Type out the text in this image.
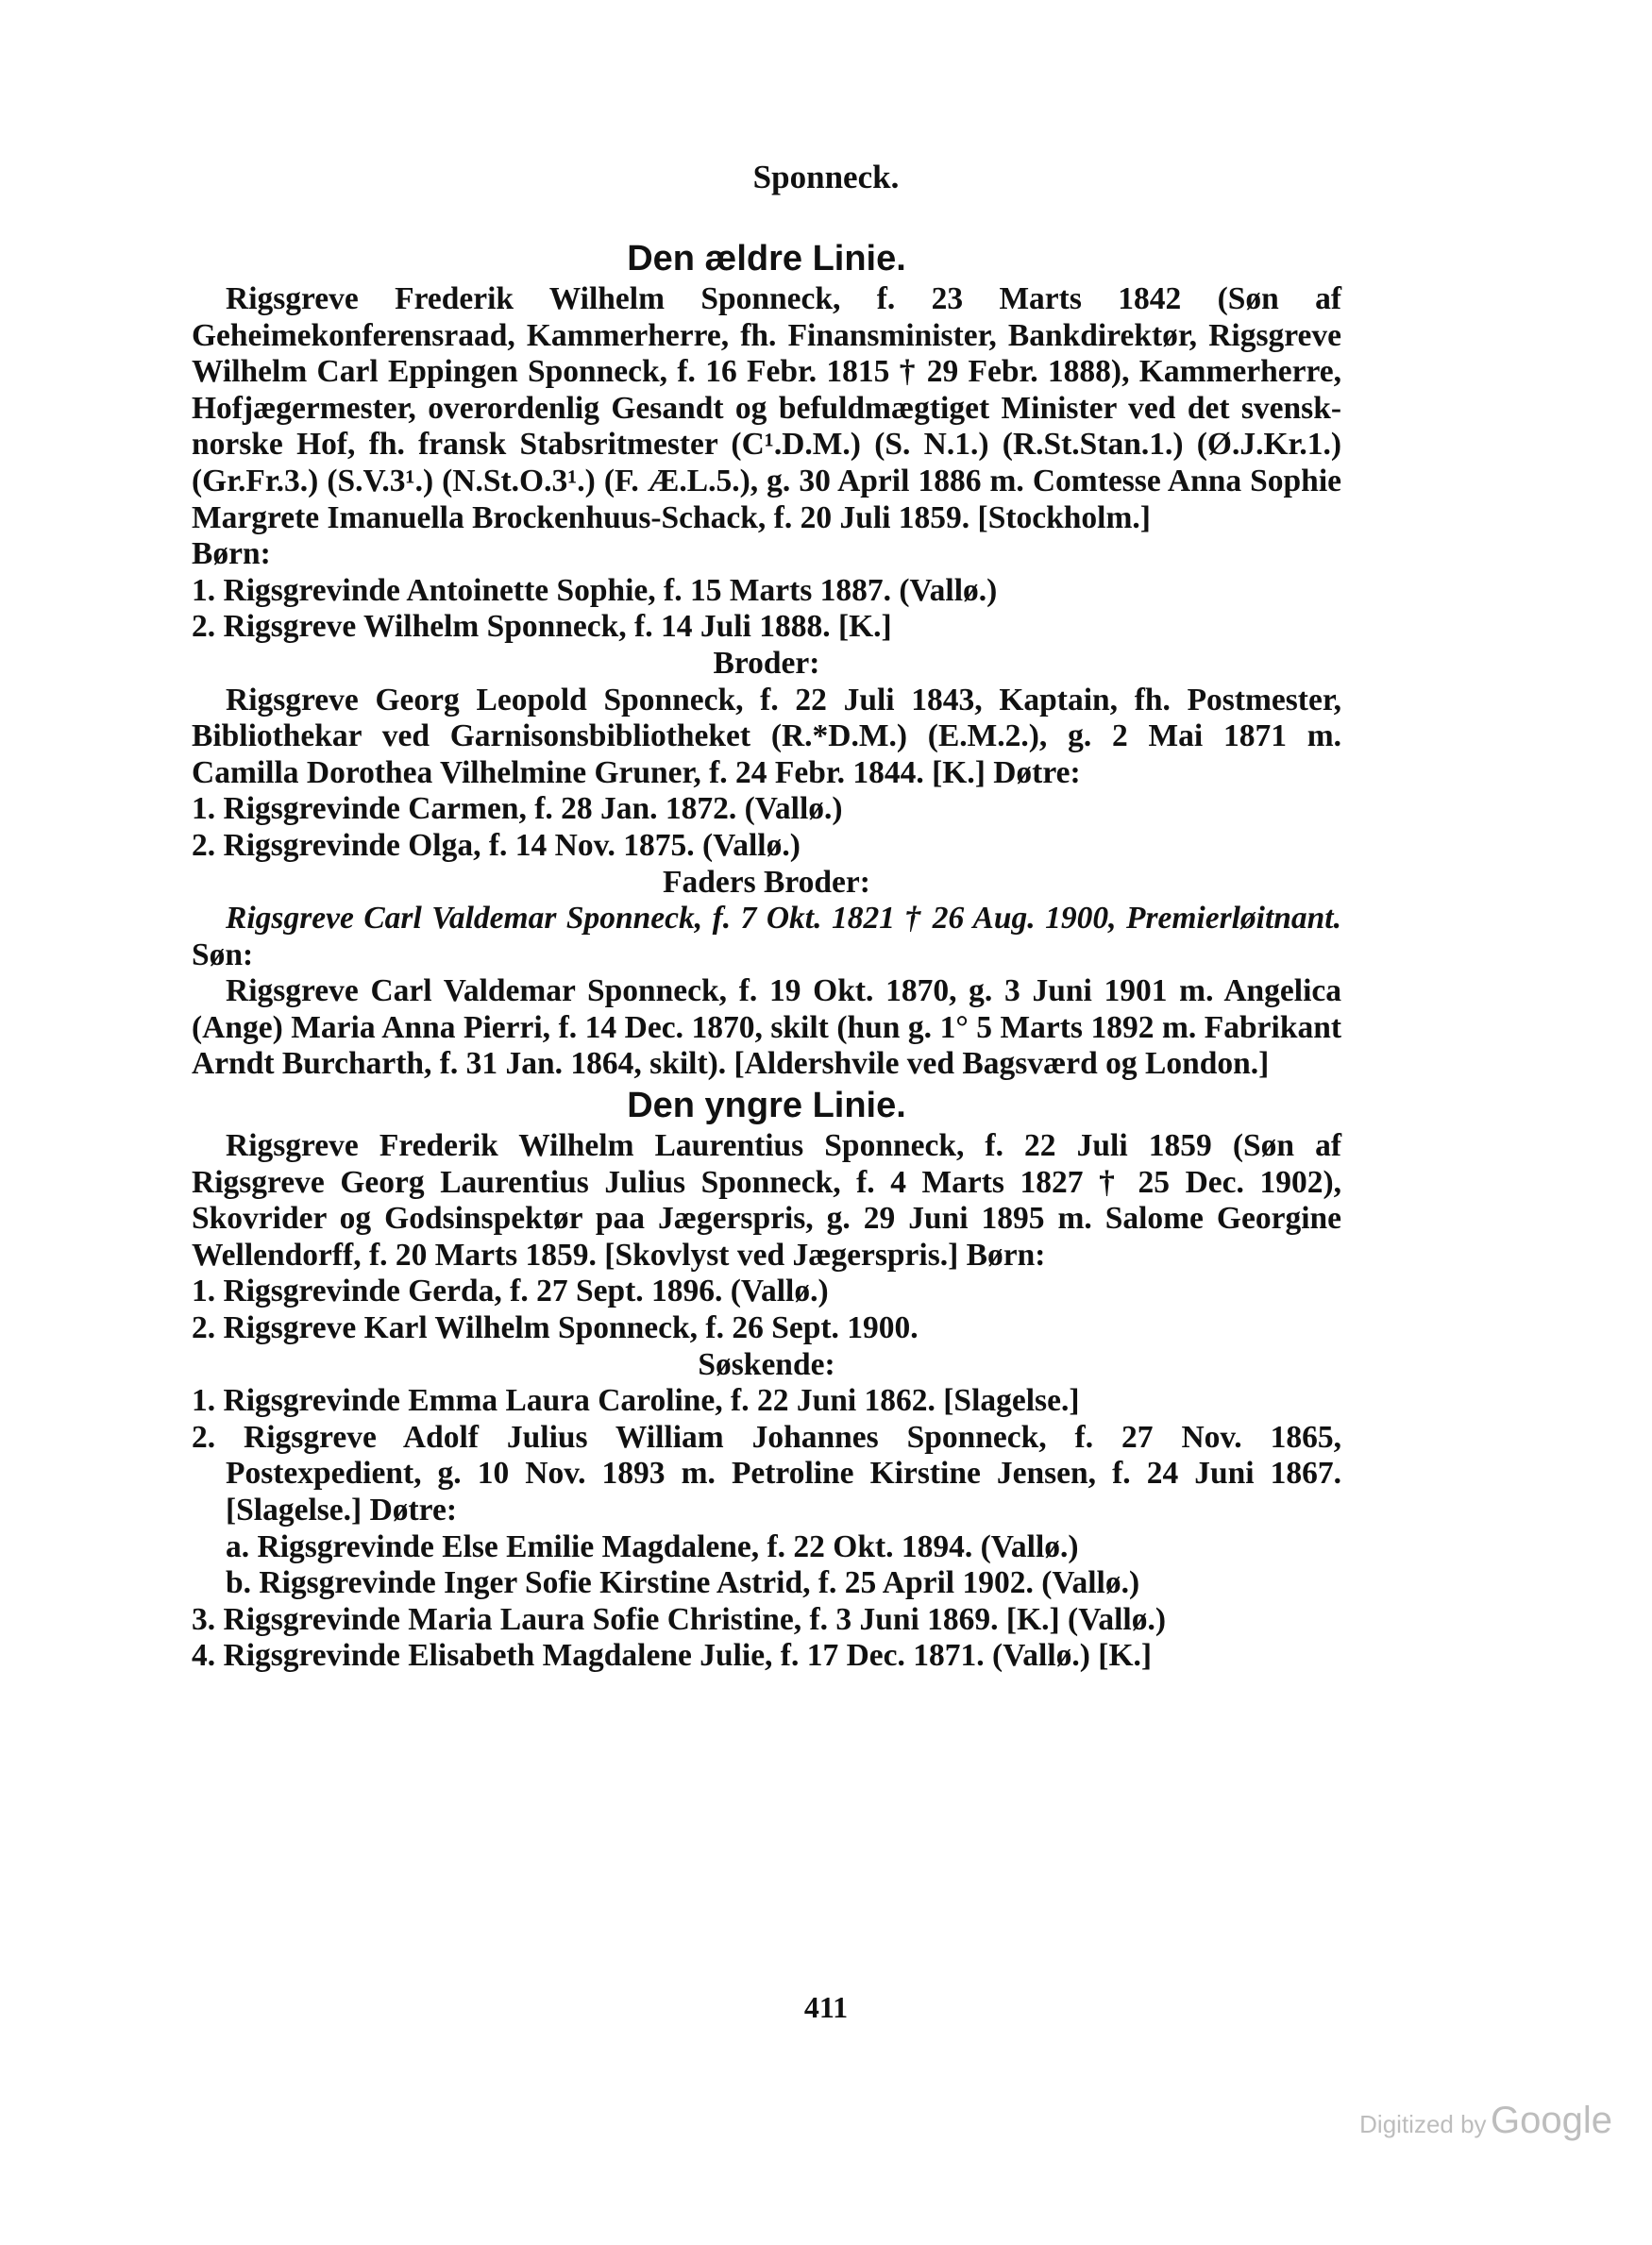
Sponneck.
Den ældre Linie.

Rigsgreve Frederik Wilhelm Sponneck, f. 23 Marts 1842 (Søn af Geheimekonferensraad, Kammerherre, fh. Finansminister, Bankdirektør, Rigsgreve Wilhelm Carl Eppingen Sponneck, f. 16 Febr. 1815 † 29 Febr. 1888), Kammerherre, Hofjægermester, overordenlig Gesandt og befuldmægtiget Minister ved det svensk-norske Hof, fh. fransk Stabsritmester (C¹.D.M.) (S. N.1.) (R.St.Stan.1.) (Ø.J.Kr.1.) (Gr.Fr.3.) (S.V.3¹.) (N.St.O.3¹.) (F. Æ.L.5.), g. 30 April 1886 m. Comtesse Anna Sophie Margrete Imanuella Brockenhuus-Schack, f. 20 Juli 1859. [Stockholm.]

Børn:

1. Rigsgrevinde Antoinette Sophie, f. 15 Marts 1887. (Vallø.)

2. Rigsgreve Wilhelm Sponneck, f. 14 Juli 1888. [K.]

Broder:

Rigsgreve Georg Leopold Sponneck, f. 22 Juli 1843, Kaptain, fh. Postmester, Bibliothekar ved Garnisonsbibliotheket (R.*D.M.) (E.M.2.), g. 2 Mai 1871 m. Camilla Dorothea Vilhelmine Gruner, f. 24 Febr. 1844. [K.] Døtre:

1. Rigsgrevinde Carmen, f. 28 Jan. 1872. (Vallø.)

2. Rigsgrevinde Olga, f. 14 Nov. 1875. (Vallø.)

Faders Broder:

Rigsgreve Carl Valdemar Sponneck, f. 7 Okt. 1821 † 26 Aug. 1900, Premierløitnant. Søn:

Rigsgreve Carl Valdemar Sponneck, f. 19 Okt. 1870, g. 3 Juni 1901 m. Angelica (Ange) Maria Anna Pierri, f. 14 Dec. 1870, skilt (hun g. 1° 5 Marts 1892 m. Fabrikant Arndt Burcharth, f. 31 Jan. 1864, skilt). [Aldershvile ved Bagsværd og London.]

Den yngre Linie.

Rigsgreve Frederik Wilhelm Laurentius Sponneck, f. 22 Juli 1859 (Søn af Rigsgreve Georg Laurentius Julius Sponneck, f. 4 Marts 1827 † 25 Dec. 1902), Skovrider og Godsinspektør paa Jægerspris, g. 29 Juni 1895 m. Salome Georgine Wellendorff, f. 20 Marts 1859. [Skovlyst ved Jægerspris.] Børn:

1. Rigsgrevinde Gerda, f. 27 Sept. 1896. (Vallø.)

2. Rigsgreve Karl Wilhelm Sponneck, f. 26 Sept. 1900.

Søskende:

1. Rigsgrevinde Emma Laura Caroline, f. 22 Juni 1862. [Slagelse.]

2. Rigsgreve Adolf Julius William Johannes Sponneck, f. 27 Nov. 1865, Postexpedient, g. 10 Nov. 1893 m. Petroline Kirstine Jensen, f. 24 Juni 1867. [Slagelse.] Døtre:

a. Rigsgrevinde Else Emilie Magdalene, f. 22 Okt. 1894. (Vallø.)

b. Rigsgrevinde Inger Sofie Kirstine Astrid, f. 25 April 1902. (Vallø.)

3. Rigsgrevinde Maria Laura Sofie Christine, f. 3 Juni 1869. [K.] (Vallø.)

4. Rigsgrevinde Elisabeth Magdalene Julie, f. 17 Dec. 1871. (Vallø.) [K.]

411
Digitized by Google
